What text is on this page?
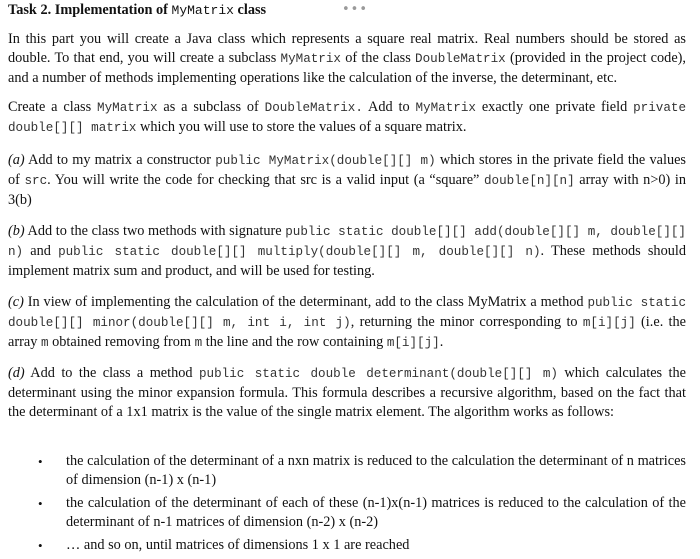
Task 2. Implementation of MyMatrix class	•••

In this part you will create a Java class which represents a square real matrix. Real numbers should be stored as double. To that end, you will create a subclass MyMatrix of the class DoubleMatrix (provided in the project code), and a number of methods implementing operations like the calculation of the inverse, the determinant, etc.

Create a class MyMatrix as a subclass of DoubleMatrix. Add to MyMatrix exactly one private field private double[][] matrix which you will use to store the values of a square matrix.

(a) Add to my matrix a constructor public MyMatrix(double[][] m) which stores in the private field the values of src. You will write the code for checking that src is a valid input (a “square” double[n][n] array with n>0) in 3(b)

(b) Add to the class two methods with signature public static double[][] add(double[][] m, double[][] n) and public static double[][] multiply(double[][] m, double[][] n). These methods should implement matrix sum and product, and will be used for testing.

(c) In view of implementing the calculation of the determinant, add to the class MyMatrix a method public static double[][] minor(double[][] m, int i, int j), returning the minor corresponding to m[i][j] (i.e. the array m obtained removing from m the line and the row containing m[i][j].

(d) Add to the class a method public static double determinant(double[][] m) which calculates the determinant using the minor expansion formula. This formula describes a recursive algorithm, based on the fact that the determinant of a 1x1 matrix is the value of the single matrix element. The algorithm works as follows:

• the calculation of the determinant of a nxn matrix is reduced to the calculation the determinant of n matrices of dimension (n-1) x (n-1)
• the calculation of the determinant of each of these (n-1)x(n-1) matrices is reduced to the calculation of the determinant of n-1 matrices of dimension (n-2) x (n-2)
• … and so on, until matrices of dimensions 1 x 1 are reached
